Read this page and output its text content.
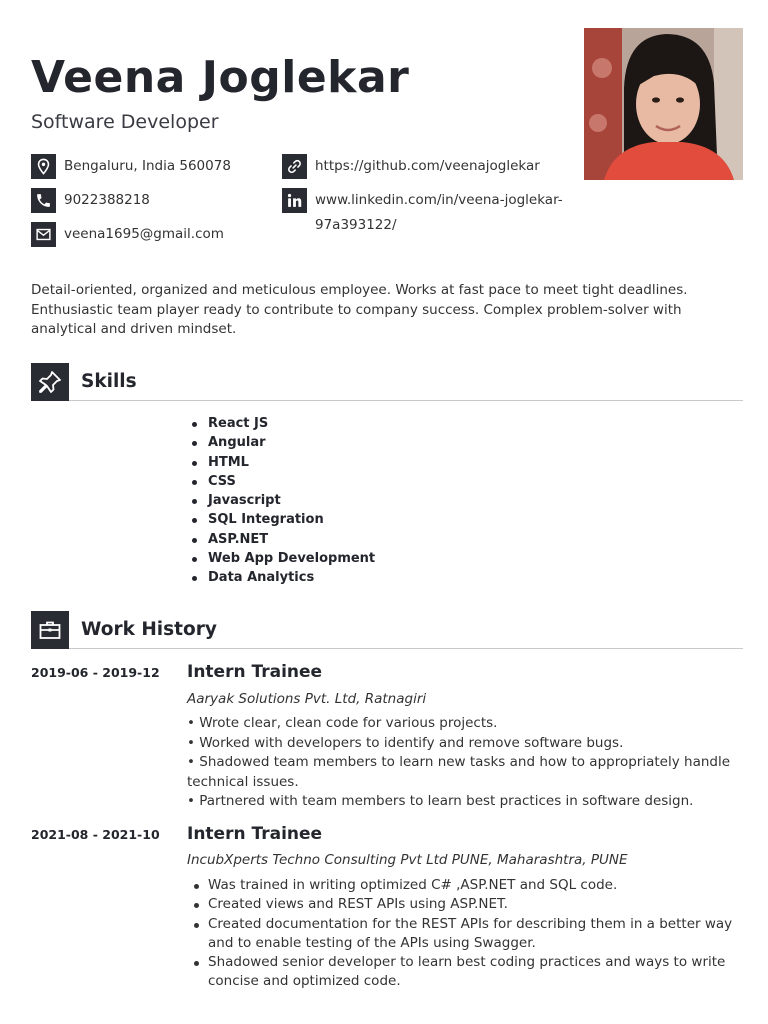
Veena Joglekar
Software Developer
Bengaluru, India 560078
9022388218
veena1695@gmail.com
https://github.com/veenajoglekar
www.linkedin.com/in/veena-joglekar-
97a393122/
Detail-oriented, organized and meticulous employee. Works at fast pace to meet tight deadlines. Enthusiastic team player ready to contribute to company success. Complex problem-solver with analytical and driven mindset.
Skills
React JS
Angular
HTML
CSS
Javascript
SQL Integration
ASP.NET
Web App Development
Data Analytics
Work History
2019-06 - 2019-12 Intern Trainee
Aaryak Solutions Pvt. Ltd, Ratnagiri
• Wrote clear, clean code for various projects.
• Worked with developers to identify and remove software bugs.
• Shadowed team members to learn new tasks and how to appropriately handle technical issues.
• Partnered with team members to learn best practices in software design.
2021-08 - 2021-10 Intern Trainee
IncubXperts Techno Consulting Pvt Ltd PUNE, Maharashtra, PUNE
Was trained in writing optimized C# ,ASP.NET and SQL code.
Created views and REST APIs using ASP.NET.
Created documentation for the REST APIs for describing them in a better way and to enable testing of the APIs using Swagger.
Shadowed senior developer to learn best coding practices and ways to write concise and optimized code.
